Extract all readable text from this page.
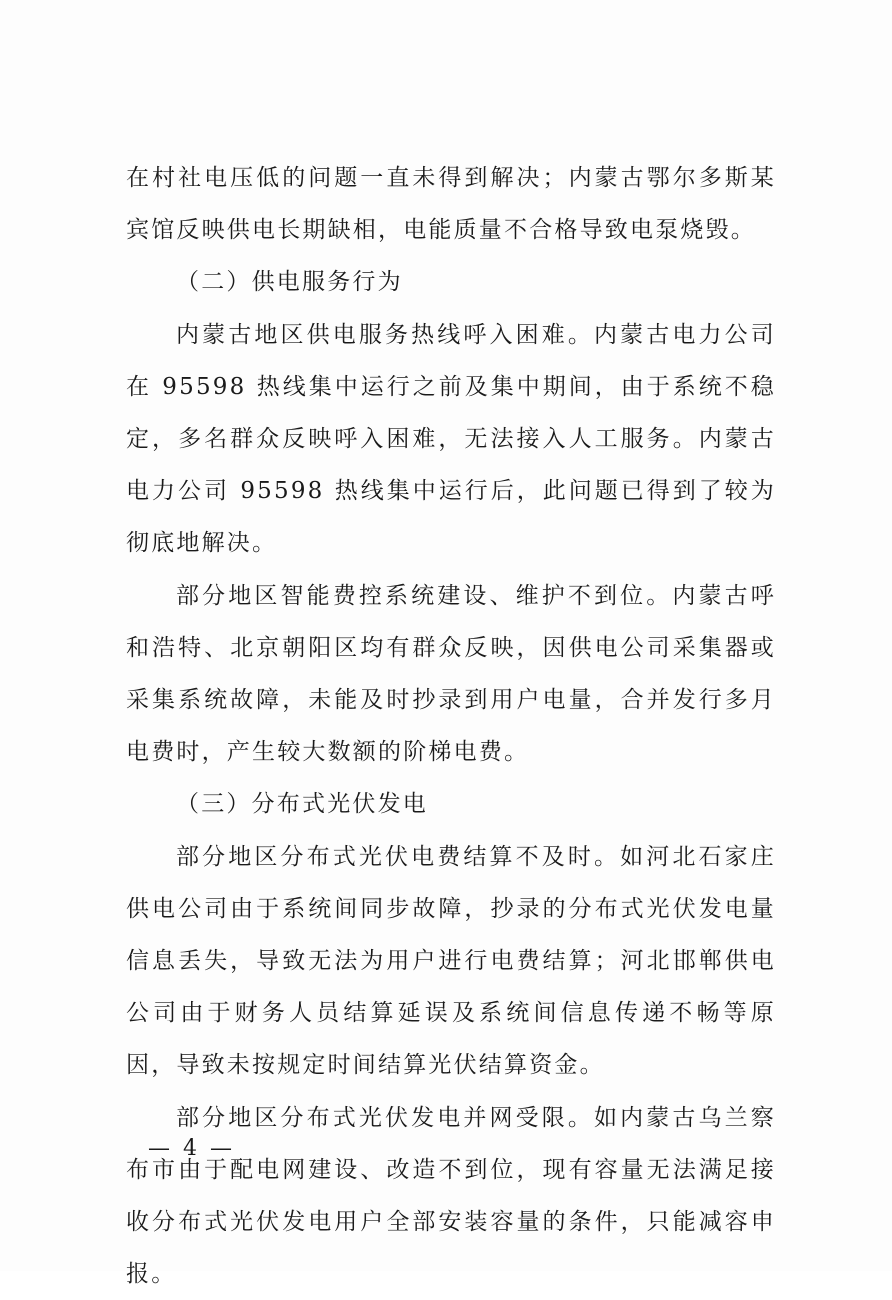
在村社电压低的问题一直未得到解决；内蒙古鄂尔多斯某宾馆反映供电长期缺相，电能质量不合格导致电泵烧毁。

（二）供电服务行为

内蒙古地区供电服务热线呼入困难。内蒙古电力公司在 95598 热线集中运行之前及集中期间，由于系统不稳定，多名群众反映呼入困难，无法接入人工服务。内蒙古电力公司 95598 热线集中运行后，此问题已得到了较为彻底地解决。

部分地区智能费控系统建设、维护不到位。内蒙古呼和浩特、北京朝阳区均有群众反映，因供电公司采集器或采集系统故障，未能及时抄录到用户电量，合并发行多月电费时，产生较大数额的阶梯电费。

（三）分布式光伏发电

部分地区分布式光伏电费结算不及时。如河北石家庄供电公司由于系统间同步故障，抄录的分布式光伏发电量信息丢失，导致无法为用户进行电费结算；河北邯郸供电公司由于财务人员结算延误及系统间信息传递不畅等原因，导致未按规定时间结算光伏结算资金。

部分地区分布式光伏发电并网受限。如内蒙古乌兰察布市由于配电网建设、改造不到位，现有容量无法满足接收分布式光伏发电用户全部安装容量的条件，只能减容申报。

— 4 —
